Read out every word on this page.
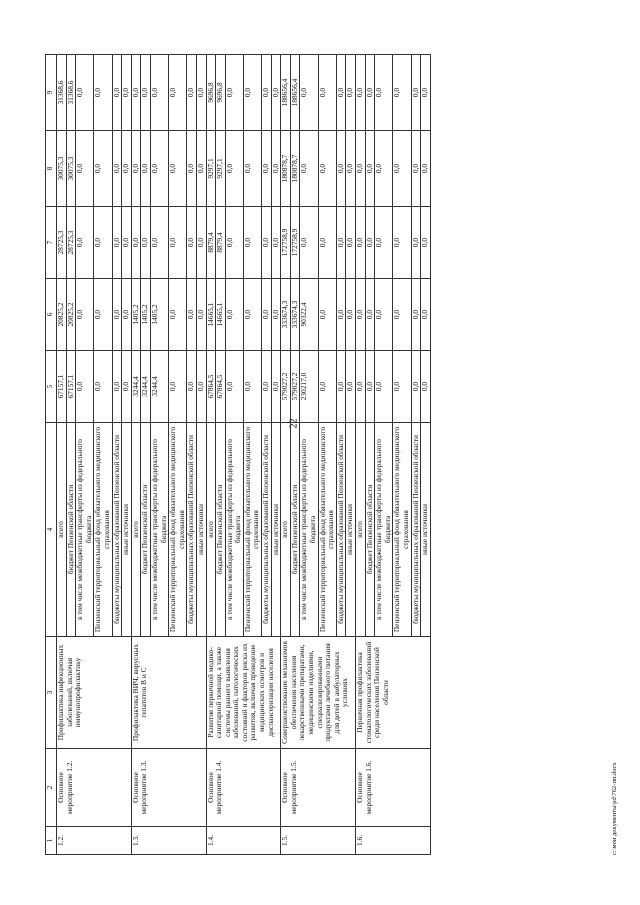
22
1	2	3	4	5	6	7	8	9
1.2.	Основное мероприятие 1.2.	Профилактика инфекционных заболеваний, включая иммунопрофилактику	всего	67157,1	20825,2	28725,3	30075,3	31368,6
			бюджет Пензенской области	67157,1	20825,2	28725,3	30075,3	31368,6
			в том числе межбюджетные трансферты из федерального бюджета	0,0	0,0	0,0	0,0	0,0
			Пензенский территориальный фонд обязательного медицинского страхования	0,0	0,0	0,0	0,0	0,0
			бюджеты муниципальных образований Пензенской области	0,0	0,0	0,0	0,0	0,0
			иные источники	0,0	0,0	0,0	0,0	0,0
1.3.	Основное мероприятие 1.3.	Профилактика ВИЧ, вирусных гепатитов В и С	всего	3244,4	1405,2	0,0	0,0	0,0
			бюджет Пензенской области	3244,4	1405,2	0,0	0,0	0,0
			в том числе межбюджетные трансферты из федерального бюджета	3244,4	1405,2	0,0	0,0	0,0
			Пензенский территориальный фонд обязательного медицинского страхования	0,0	0,0	0,0	0,0	0,0
			бюджеты муниципальных образований Пензенской области	0,0	0,0	0,0	0,0	0,0
			иные источники	0,0	0,0	0,0	0,0	0,0
1.4.	Основное мероприятие 1.4.	Развитие первичной медико-санитарной помощи, а также системы раннего выявления заболеваний, патологических состояний и факторов риска их развития, включая проведение медицинских осмотров и диспансеризации населения	всего	67864,5	14665,1	8879,4	9297,1	9696,8
			бюджет Пензенской области	67864,5	14665,1	8879,4	9297,1	9696,8
			в том числе межбюджетные трансферты из федерального бюджета	0,0	0,0	0,0	0,0	0,0
			Пензенский территориальный фонд обязательного медицинского страхования	0,0	0,0	0,0	0,0	0,0
			бюджеты муниципальных образований Пензенской области	0,0	0,0	0,0	0,0	0,0
			иные источники	0,0	0,0	0,0	0,0	0,0
1.5.	Основное мероприятие 1.5.	Совершенствование механизмов обеспечения населения лекарственными препаратами, медицинскими изделиями, специализированными продуктами лечебного питания для детей в амбулаторных условиях	всего	579027,2	333674,3	172758,9	180878,7	188656,4
			бюджет Пензенской области	579027,2	333674,3	172758,9	180878,7	188656,4
			в том числе межбюджетные трансферты из федерального бюджета	230217,0	90322,4	0,0	0,0	0,0
			Пензенский территориальный фонд обязательного медицинского страхования	0,0	0,0	0,0	0,0	0,0
			бюджеты муниципальных образований Пензенской области	0,0	0,0	0,0	0,0	0,0
			иные источники	0,0	0,0	0,0	0,0	0,0
1.6.	Основное мероприятие 1.6.	Первичная профилактика стоматологических заболеваний среди населения Пензенской области	всего	0,0	0,0	0,0	0,0	0,0
			бюджет Пензенской области	0,0	0,0	0,0	0,0	0,0
			в том числе межбюджетные трансферты из федерального бюджета	0,0	0,0	0,0	0,0	0,0
			Пензенский территориальный фонд обязательного медицинского страхования	0,0	0,0	0,0	0,0	0,0
			бюджеты муниципальных образований Пензенской области	0,0	0,0	0,0	0,0	0,0
			иные источники	0,0	0,0	0,0	0,0	0,0
c:\мои документы\pd\762-пп.docx
